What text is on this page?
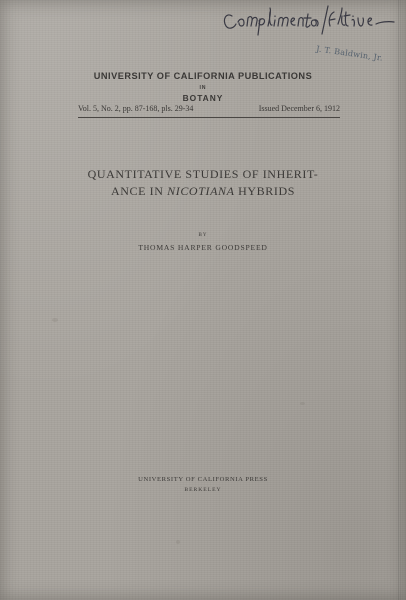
Compliments of the author
J. T. Baldwin, Jr.
UNIVERSITY OF CALIFORNIA PUBLICATIONS
IN
BOTANY
Vol. 5, No. 2, pp. 87-168, pls. 29-34	Issued December 6, 1912
QUANTITATIVE STUDIES OF INHERIT-
ANCE IN NICOTIANA HYBRIDS
BY
THOMAS HARPER GOODSPEED
UNIVERSITY OF CALIFORNIA PRESS
BERKELEY
